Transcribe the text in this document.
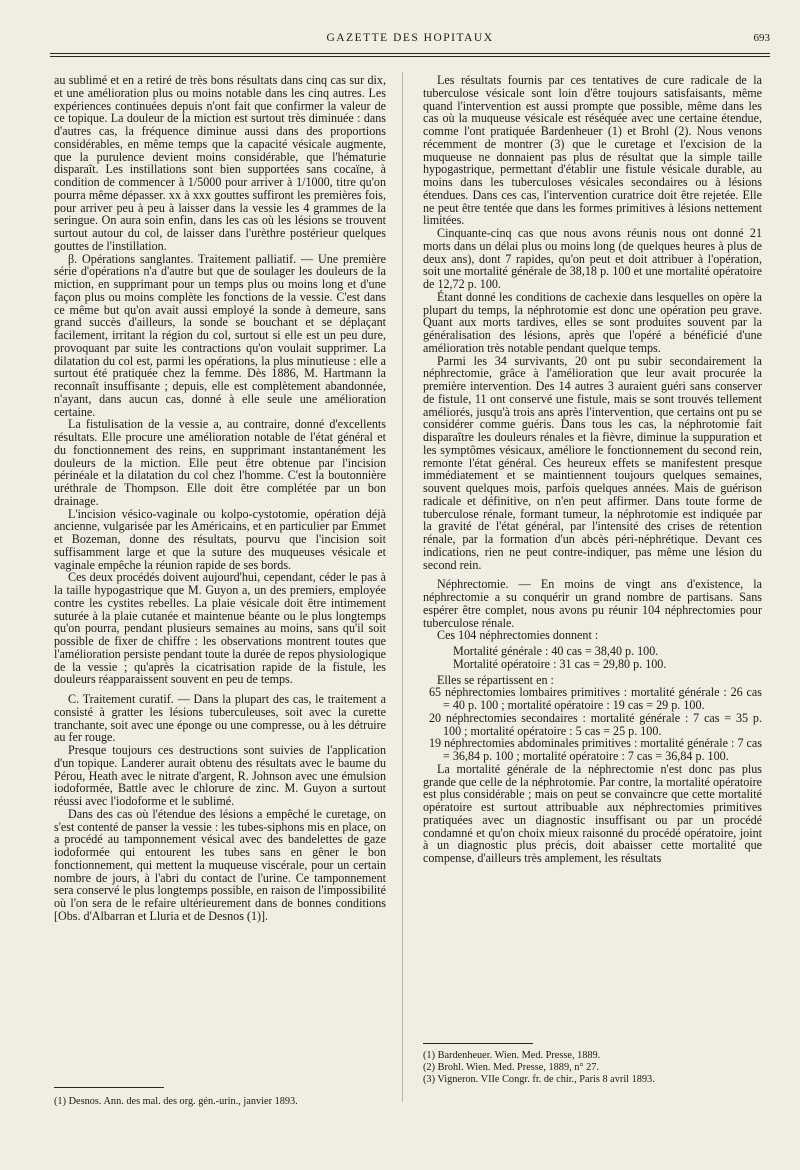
GAZETTE DES HOPITAUX	693

au sublimé et en a retiré de très bons résultats dans cinq cas sur dix, et une amélioration plus ou moins notable dans les cinq autres. Les expériences continuées depuis n'ont fait que confirmer la valeur de ce topique. La douleur de la miction est surtout très diminuée : dans d'autres cas, la fréquence diminue aussi dans des proportions considérables, en même temps que la capacité vésicale augmente, que la purulence devient moins considérable, que l'hématurie disparaît. Les instillations sont bien supportées sans cocaïne, à condition de commencer à 1/5000 pour arriver à 1/1000, titre qu'on pourra même dépasser. xx à xxx gouttes suffiront les premières fois, pour arriver peu à peu à laisser dans la vessie les 4 grammes de la seringue. On aura soin enfin, dans les cas où les lésions se trouvent surtout autour du col, de laisser dans l'urèthre postérieur quelques gouttes de l'instillation.

β. Opérations sanglantes. Traitement palliatif. — Une première série d'opérations n'a d'autre but que de soulager les douleurs de la miction, en supprimant pour un temps plus ou moins long et d'une façon plus ou moins complète les fonctions de la vessie. C'est dans ce même but qu'on avait aussi employé la sonde à demeure, sans grand succès d'ailleurs, la sonde se bouchant et se déplaçant facilement, irritant la région du col, surtout si elle est un peu dure, provoquant par suite les contractions qu'on voulait supprimer. La dilatation du col est, parmi les opérations, la plus minutieuse : elle a surtout été pratiquée chez la femme. Dès 1886, M. Hartmann la reconnaît insuffisante ; depuis, elle est complètement abandonnée, n'ayant, dans aucun cas, donné à elle seule une amélioration certaine.

La fistulisation de la vessie a, au contraire, donné d'excellents résultats. Elle procure une amélioration notable de l'état général et du fonctionnement des reins, en supprimant instantanément les douleurs de la miction. Elle peut être obtenue par l'incision périnéale et la dilatation du col chez l'homme. C'est la boutonnière uréthrale de Thompson. Elle doit être complétée par un bon drainage.

L'incision vésico-vaginale ou kolpo-cystotomie, opération déjà ancienne, vulgarisée par les Américains, et en particulier par Emmet et Bozeman, donne des résultats, pourvu que l'incision soit suffisamment large et que la suture des muqueuses vésicale et vaginale empêche la réunion rapide de ses bords.

Ces deux procédés doivent aujourd'hui, cependant, céder le pas à la taille hypogastrique que M. Guyon a, un des premiers, employée contre les cystites rebelles. La plaie vésicale doit être intimement suturée à la plaie cutanée et maintenue béante ou le plus longtemps qu'on pourra, pendant plusieurs semaines au moins, sans qu'il soit possible de fixer de chiffre : les observations montrent toutes que l'amélioration persiste pendant toute la durée de repos physiologique de la vessie ; qu'après la cicatrisation rapide de la fistule, les douleurs réapparaissent souvent en peu de temps.

C. Traitement curatif. — Dans la plupart des cas, le traitement a consisté à gratter les lésions tuberculeuses, soit avec la curette tranchante, soit avec une éponge ou une compresse, ou à les détruire au fer rouge.

Presque toujours ces destructions sont suivies de l'application d'un topique. Landerer aurait obtenu des résultats avec le baume du Pérou, Heath avec le nitrate d'argent, R. Johnson avec une émulsion iodoformée, Battle avec le chlorure de zinc. M. Guyon a surtout réussi avec l'iodoforme et le sublimé.

Dans des cas où l'étendue des lésions a empêché le curetage, on s'est contenté de panser la vessie : les tubes-siphons mis en place, on a procédé au tamponnement vésical avec des bandelettes de gaze iodoformée qui entourent les tubes sans en gêner le bon fonctionnement, qui mettent la muqueuse viscérale, pour un certain nombre de jours, à l'abri du contact de l'urine. Ce tamponnement sera conservé le plus longtemps possible, en raison de l'impossibilité où l'on sera de le refaire ultérieurement dans de bonnes conditions [Obs. d'Albarran et Lluria et de Desnos (1)].

(1) Desnos. Ann. des mal. des org. gén.-urin., janvier 1893.

Les résultats fournis par ces tentatives de cure radicale de la tuberculose vésicale sont loin d'être toujours satisfaisants, même quand l'intervention est aussi prompte que possible, même dans les cas où la muqueuse vésicale est réséquée avec une certaine étendue, comme l'ont pratiquée Bardenheuer (1) et Brohl (2). Nous venons récemment de montrer (3) que le curetage et l'excision de la muqueuse ne donnaient pas plus de résultat que la simple taille hypogastrique, permettant d'établir une fistule vésicale durable, au moins dans les tuberculoses vésicales secondaires ou à lésions étendues. Dans ces cas, l'intervention curatrice doit être rejetée. Elle ne peut être tentée que dans les formes primitives à lésions nettement limitées.

Cinquante-cinq cas que nous avons réunis nous ont donné 21 morts dans un délai plus ou moins long (de quelques heures à plus de deux ans), dont 7 rapides, qu'on peut et doit attribuer à l'opération, soit une mortalité générale de 38,18 p. 100 et une mortalité opératoire de 12,72 p. 100.

Étant donné les conditions de cachexie dans lesquelles on opère la plupart du temps, la néphrotomie est donc une opération peu grave. Quant aux morts tardives, elles se sont produites souvent par la généralisation des lésions, après que l'opéré a bénéficié d'une amélioration très notable pendant quelque temps.

Parmi les 34 survivants, 20 ont pu subir secondairement la néphrectomie, grâce à l'amélioration que leur avait procurée la première intervention. Des 14 autres 3 auraient guéri sans conserver de fistule, 11 ont conservé une fistule, mais se sont trouvés tellement améliorés, jusqu'à trois ans après l'intervention, que certains ont pu se considérer comme guéris. Dans tous les cas, la néphrotomie fait disparaître les douleurs rénales et la fièvre, diminue la suppuration et les symptômes vésicaux, améliore le fonctionnement du second rein, remonte l'état général. Ces heureux effets se manifestent presque immédiatement et se maintiennent toujours quelques semaines, souvent quelques mois, parfois quelques années. Mais de guérison radicale et définitive, on n'en peut affirmer. Dans toute forme de tuberculose rénale, formant tumeur, la néphrotomie est indiquée par la gravité de l'état général, par l'intensité des crises de rétention rénale, par la formation d'un abcès péri-néphrétique. Devant ces indications, rien ne peut contre-indiquer, pas même une lésion du second rein.

Néphrectomie. — En moins de vingt ans d'existence, la néphrectomie a su conquérir un grand nombre de partisans. Sans espérer être complet, nous avons pu réunir 104 néphrectomies pour tuberculose rénale.

Ces 104 néphrectomies donnent :

Mortalité générale : 40 cas = 38,40 p. 100.
Mortalité opératoire : 31 cas = 29,80 p. 100.

Elles se répartissent en :

65 néphrectomies lombaires primitives : mortalité générale : 26 cas = 40 p. 100 ; mortalité opératoire : 19 cas = 29 p. 100.

20 néphrectomies secondaires : mortalité générale : 7 cas = 35 p. 100 ; mortalité opératoire : 5 cas = 25 p. 100.

19 néphrectomies abdominales primitives : mortalité générale : 7 cas = 36,84 p. 100 ; mortalité opératoire : 7 cas = 36,84 p. 100.

La mortalité générale de la néphrectomie n'est donc pas plus grande que celle de la néphrotomie. Par contre, la mortalité opératoire est plus considérable ; mais on peut se convaincre que cette mortalité opératoire est surtout attribuable aux néphrectomies primitives pratiquées avec un diagnostic insuffisant ou par un procédé condamné et qu'on choix mieux raisonné du procédé opératoire, joint à un diagnostic plus précis, doit abaisser cette mortalité que compense, d'ailleurs très amplement, les résultats

(1) Bardenheuer. Wien. Med. Presse, 1889.
(2) Brohl. Wien. Med. Presse, 1889, n° 27.
(3) Vigneron. VIIe Congr. fr. de chir., Paris 8 avril 1893.
